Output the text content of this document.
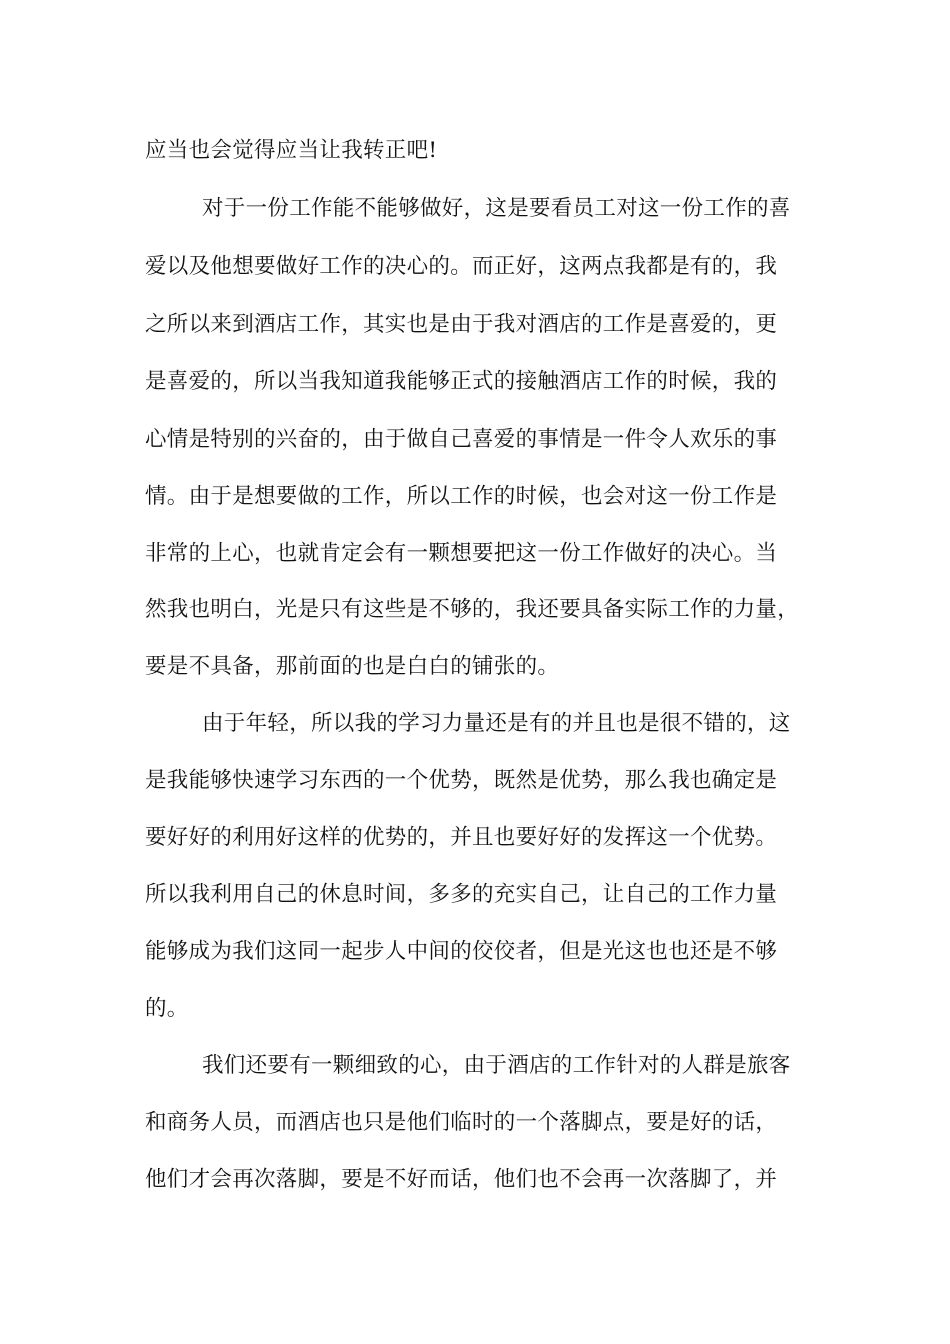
应当也会觉得应当让我转正吧!
对于一份工作能不能够做好，这是要看员工对这一份工作的喜
爱以及他想要做好工作的决心的。而正好，这两点我都是有的，我
之所以来到酒店工作，其实也是由于我对酒店的工作是喜爱的，更
是喜爱的，所以当我知道我能够正式的接触酒店工作的时候，我的
心情是特别的兴奋的，由于做自己喜爱的事情是一件令人欢乐的事
情。由于是想要做的工作，所以工作的时候，也会对这一份工作是
非常的上心，也就肯定会有一颗想要把这一份工作做好的决心。当
然我也明白，光是只有这些是不够的，我还要具备实际工作的力量，
要是不具备，那前面的也是白白的铺张的。
由于年轻，所以我的学习力量还是有的并且也是很不错的，这
是我能够快速学习东西的一个优势，既然是优势，那么我也确定是
要好好的利用好这样的优势的，并且也要好好的发挥这一个优势。
所以我利用自己的休息时间，多多的充实自己，让自己的工作力量
能够成为我们这同一起步人中间的佼佼者，但是光这也也还是不够
的。
我们还要有一颗细致的心，由于酒店的工作针对的人群是旅客
和商务人员，而酒店也只是他们临时的一个落脚点，要是好的话，
他们才会再次落脚，要是不好而话，他们也不会再一次落脚了，并
